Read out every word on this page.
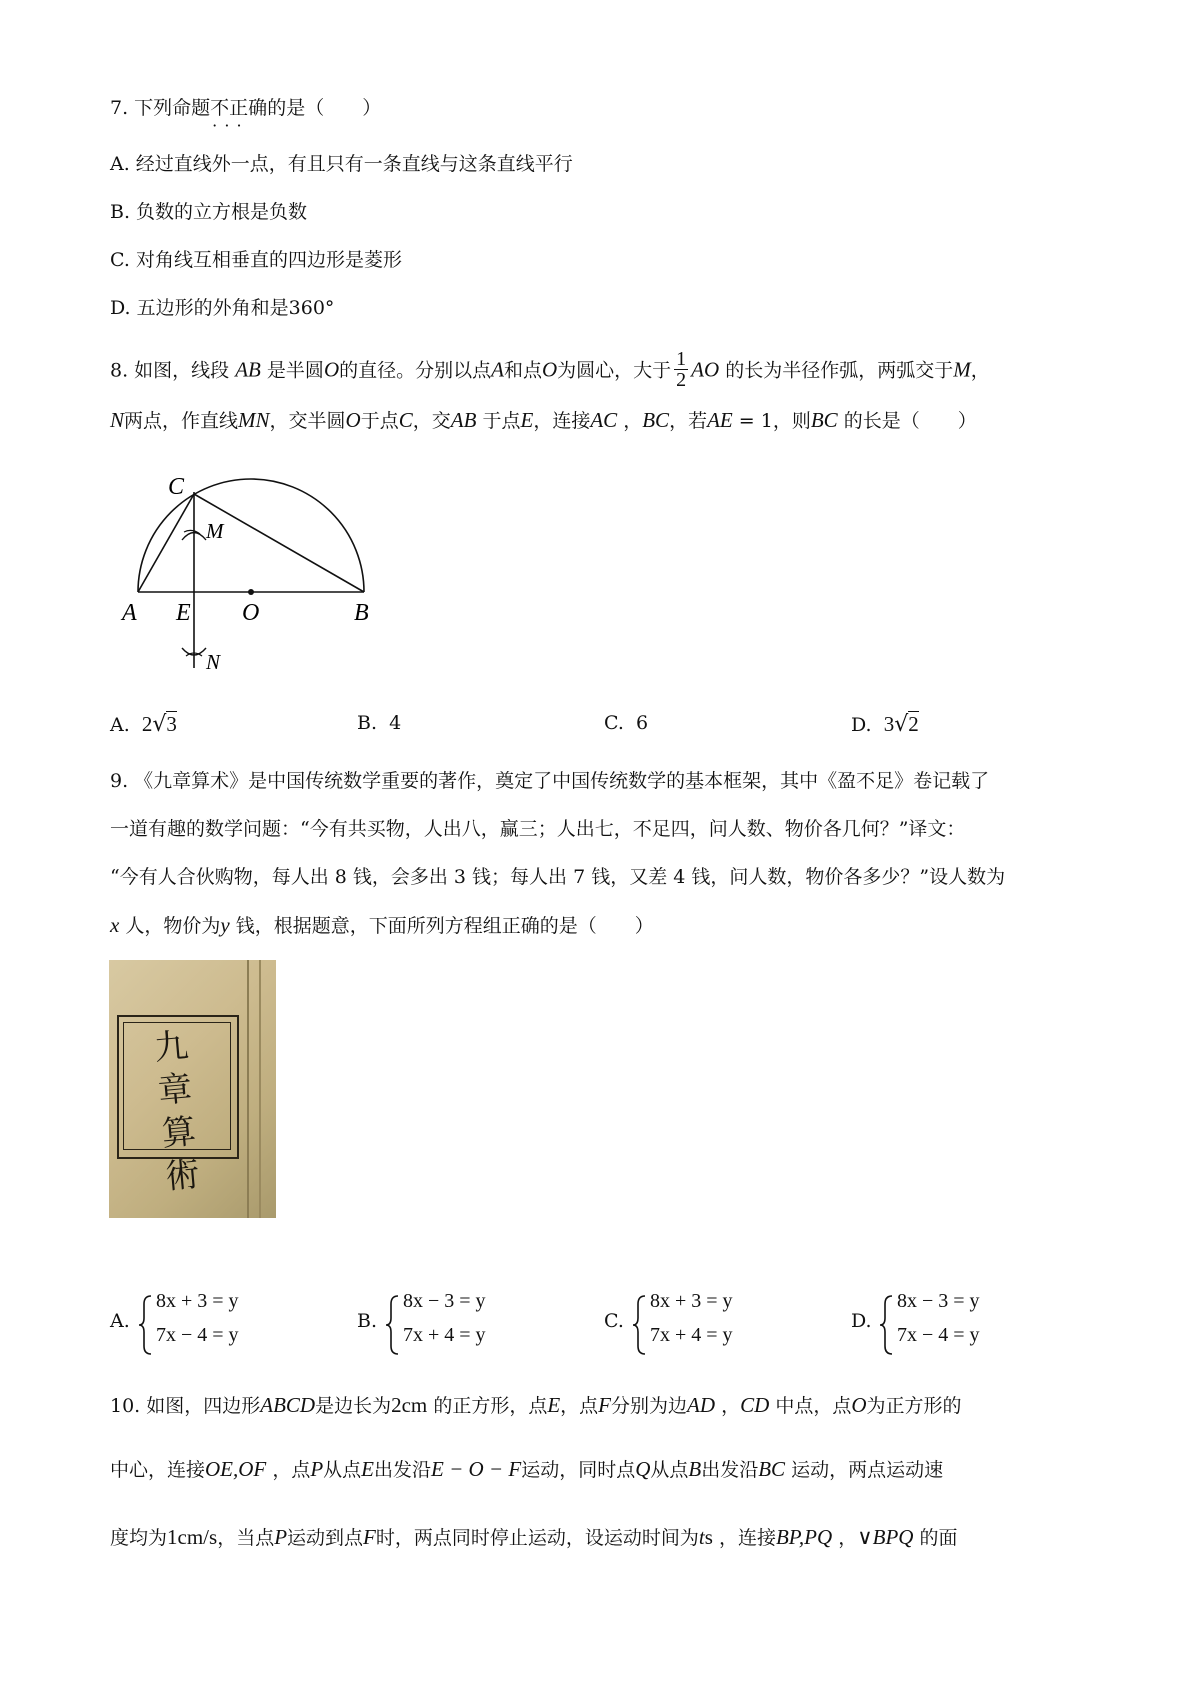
7. 下列命题不正确 · · ·的是（　　）
A. 经过直线外一点，有且只有一条直线与这条直线平行
B. 负数的立方根是负数
C. 对角线互相垂直的四边形是菱形
D. 五边形的外角和是360°
8. 如图，线段 AB 是半圆O的直径。分别以点A和点O为圆心，大于 $\frac{1}{2}$ AO 的长为半径作弧，两弧交于M，
N两点，作直线MN，交半圆O于点C，交AB 于点E，连接AC ，BC，若AE = 1，则BC 的长是（　　）
C
M
A E O	B
N
A. 2√3	B. 4	C. 6	D. 3√2
9. 《九章算术》是中国传统数学重要的著作，奠定了中国传统数学的基本框架，其中《盈不足》卷记载了
一道有趣的数学问题：“今有共买物，人出八，赢三；人出七，不足四，问人数、物价各几何？”译文：
“今有人合伙购物，每人出 8 钱，会多出 3 钱；每人出 7 钱，又差 4 钱，问人数，物价各多少？”设人数为
x 人，物价为y 钱，根据题意，下面所列方程组正确的是（　　）
九
章
算
術
A.
8x + 3 = y
7x − 4 = y
B.
8x − 3 = y
7x + 4 = y
C.
8x + 3 = y
7x + 4 = y
D.
8x − 3 = y
7x − 4 = y
10. 如图，四边形ABCD是边长为2cm 的正方形，点E，点F分别为边AD ，CD 中点，点O为正方形的
中心，连接OE,OF ，点P从点E出发沿E − O − F运动，同时点Q从点B出发沿BC 运动，两点运动速
度均为1cm/s，当点P运动到点F时，两点同时停止运动，设运动时间为ts ，连接BP,PQ ，∨BPQ 的面
